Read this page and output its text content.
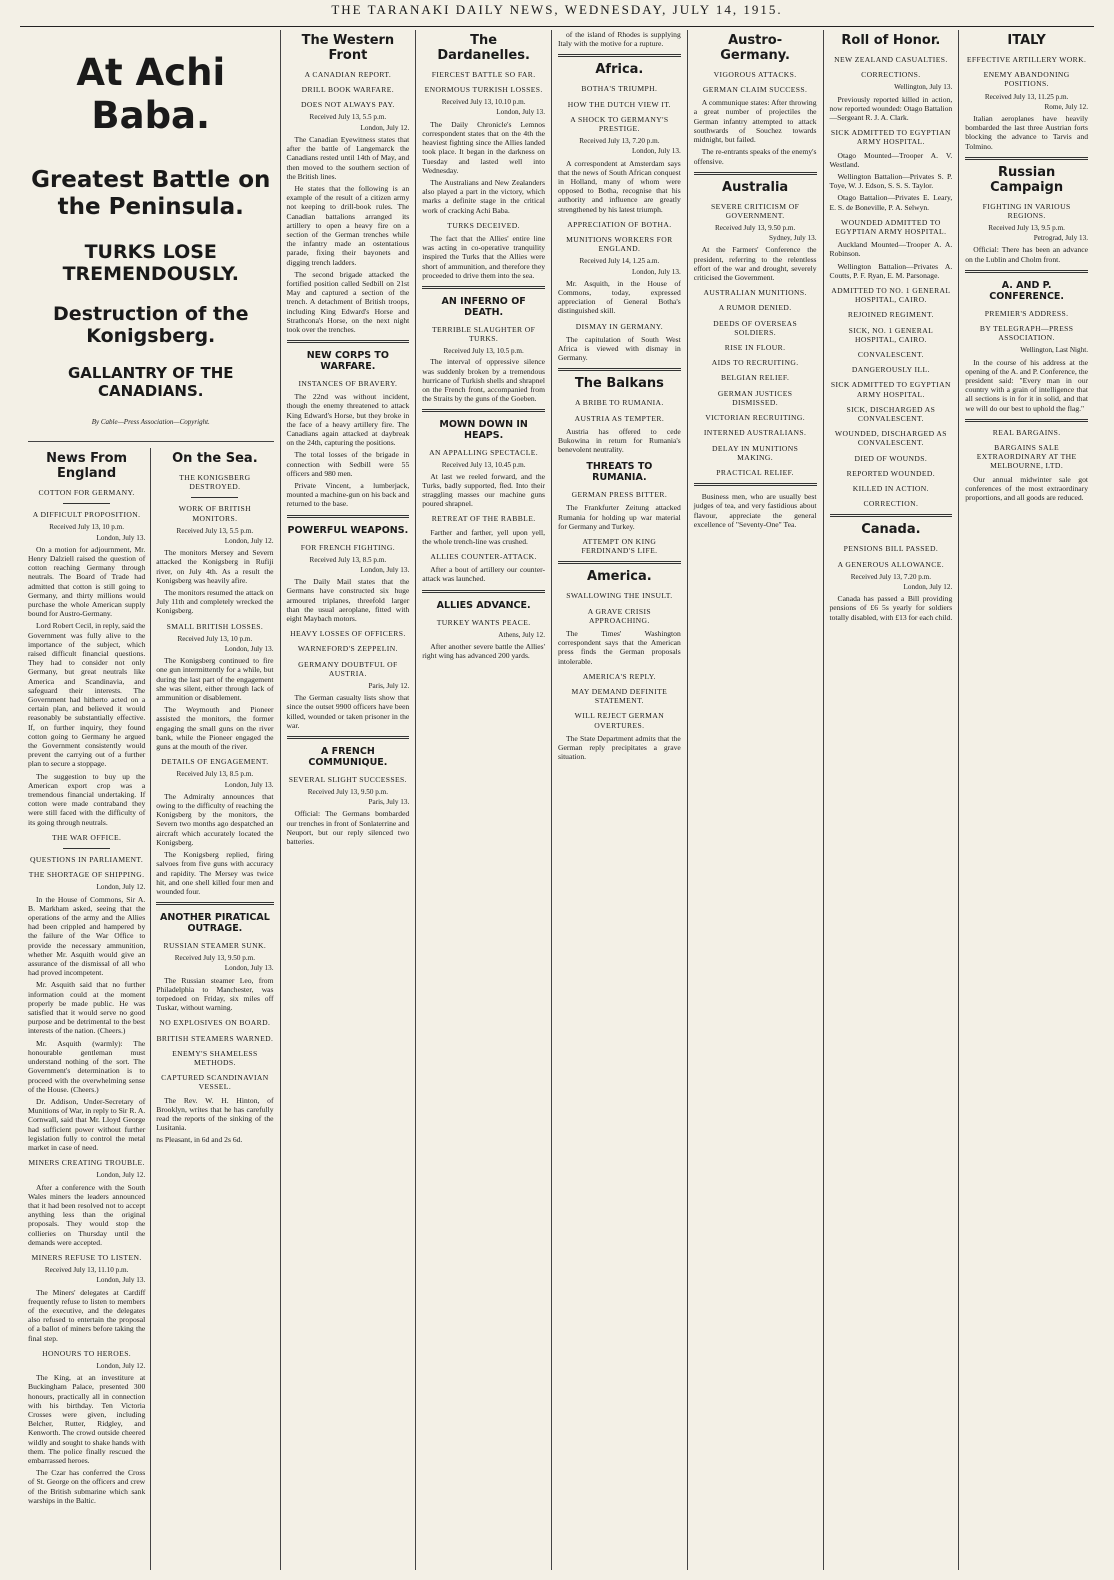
THE TARANAKI DAILY NEWS, WEDNESDAY, JULY 14, 1915.
At Achi Baba.
Greatest Battle on the Peninsula.
TURKS LOSE TREMENDOUSLY.
Destruction of the Konigsberg.
GALLANTRY OF THE CANADIANS.
By Cable—Press Association—Copyright.
News From England
COTTON FOR GERMANY.
A DIFFICULT PROPOSITION.

Received July 13, 10 p.m.

London, July 13.

On a motion for adjournment, Mr. Henry Dalziell raised the question of cotton reaching Germany through neutrals. The Board of Trade had admitted that cotton is still going to Germany, and thirty millions would purchase the whole American supply bound for Austro-Germany.

Lord Robert Cecil, in reply, said the Government was fully alive to the importance of the subject, which raised difficult financial questions. They had to consider not only Germany, but great neutrals like America and Scandinavia, and safeguard their interests. The Government had hitherto acted on a certain plan, and believed it would reasonably be substantially effective. If, on further inquiry, they found cotton going to Germany he argued the Government consistently would prevent the carrying out of a further plan to secure a stoppage.

The suggestion to buy up the American export crop was a tremendous financial undertaking. If cotton were made contraband they were still faced with the difficulty of its going through neutrals.

THE WAR OFFICE.
QUESTIONS IN PARLIAMENT.
THE SHORTAGE OF SHIPPING.

London, July 12.

In the House of Commons, Sir A. B. Markham asked, seeing that the operations of the army and the Allies had been crippled and hampered by the failure of the War Office to provide the necessary ammunition, whether Mr. Asquith would give an assurance of the dismissal of all who had proved incompetent.

Mr. Asquith said that no further information could at the moment properly be made public. He was satisfied that it would serve no good purpose and be detrimental to the best interests of the nation. (Cheers.)

Mr. Asquith (warmly): The honourable gentleman must understand nothing of the sort. The Government's determination is to proceed with the overwhelming sense of the House. (Cheers.)

Dr. Addison, Under-Secretary of Munitions of War, in reply to Sir R. A. Cornwall, said that Mr. Lloyd George had sufficient power without further legislation fully to control the metal market in case of need.

MINERS CREATING TROUBLE.

London, July 12.

After a conference with the South Wales miners the leaders announced that it had been resolved not to accept anything less than the original proposals. They would stop the collieries on Thursday until the demands were accepted.

MINERS REFUSE TO LISTEN.

Received July 13, 11.10 p.m.

London, July 13.

The Miners' delegates at Cardiff frequently refuse to listen to members of the executive, and the delegates also refused to entertain the proposal of a ballot of miners before taking the final step.

HONOURS TO HEROES.

London, July 12.

The King, at an investiture at Buckingham Palace, presented 300 honours, practically all in connection with his birthday. Ten Victoria Crosses were given, including Belcher, Rutter, Ridgley, and Kenworth. The crowd outside cheered wildly and sought to shake hands with them. The police finally rescued the embarrassed heroes.

The Czar has conferred the Cross of St. George on the officers and crew of the British submarine which sank warships in the Baltic.

On the Sea.
THE KONIGSBERG DESTROYED.
WORK OF BRITISH MONITORS.

Received July 13, 5.5 p.m.

London, July 12.

The monitors Mersey and Severn attacked the Konigsberg in Rufiji river, on July 4th. As a result the Konigsberg was heavily afire.

The monitors resumed the attack on July 11th and completely wrecked the Konigsberg.

SMALL BRITISH LOSSES.

Received July 13, 10 p.m.

London, July 13.

The Konigsberg continued to fire one gun intermittently for a while, but during the last part of the engagement she was silent, either through lack of ammunition or disablement.

The Weymouth and Pioneer assisted the monitors, the former engaging the small guns on the river bank, while the Pioneer engaged the guns at the mouth of the river.

DETAILS OF ENGAGEMENT.

Received July 13, 8.5 p.m.

London, July 13.

The Admiralty announces that owing to the difficulty of reaching the Konigsberg by the monitors, the Severn two months ago despatched an aircraft which accurately located the Konigsberg.

The Konigsberg replied, firing salvoes from five guns with accuracy and rapidity. The Mersey was twice hit, and one shell killed four men and wounded four.

ANOTHER PIRATICAL OUTRAGE.
RUSSIAN STEAMER SUNK.

Received July 13, 9.50 p.m.

London, July 13.

The Russian steamer Leo, from Philadelphia to Manchester, was torpedoed on Friday, six miles off Tuskar, without warning.

NO EXPLOSIVES ON BOARD.
BRITISH STEAMERS WARNED.
ENEMY'S SHAMELESS METHODS.
CAPTURED SCANDINAVIAN VESSEL.

The Rev. W. H. Hinton, of Brooklyn, writes that he has carefully read the reports of the sinking of the Lusitania.

ns Pleasant, in 6d and 2s 6d.

The Western Front
A CANADIAN REPORT.
DRILL BOOK WARFARE.
DOES NOT ALWAYS PAY.

Received July 13, 5.5 p.m.

London, July 12.

The Canadian Eyewitness states that after the battle of Langemarck the Canadians rested until 14th of May, and then moved to the southern section of the British lines.

He states that the following is an example of the result of a citizen army not keeping to drill-book rules. The Canadian battalions arranged its artillery to open a heavy fire on a section of the German trenches while the infantry made an ostentatious parade, fixing their bayonets and digging trench ladders.

The second brigade attacked the fortified position called Sedbill on 21st May and captured a section of the trench. A detachment of British troops, including King Edward's Horse and Strathcona's Horse, on the next night took over the trenches.

NEW CORPS TO WARFARE.
INSTANCES OF BRAVERY.

The 22nd was without incident, though the enemy threatened to attack King Edward's Horse, but they broke in the face of a heavy artillery fire. The Canadians again attacked at daybreak on the 24th, capturing the positions.

The total losses of the brigade in connection with Sedbill were 55 officers and 980 men.

Private Vincent, a lumberjack, mounted a machine-gun on his back and returned to the base.

POWERFUL WEAPONS.
FOR FRENCH FIGHTING.

Received July 13, 8.5 p.m.

London, July 13.

The Daily Mail states that the Germans have constructed six huge armoured triplanes, threefold larger than the usual aeroplane, fitted with eight Maybach motors.

HEAVY LOSSES OF OFFICERS.
WARNEFORD'S ZEPPELIN.
GERMANY DOUBTFUL OF AUSTRIA.

Paris, July 12.

The German casualty lists show that since the outset 9900 officers have been killed, wounded or taken prisoner in the war.

A FRENCH COMMUNIQUE.
SEVERAL SLIGHT SUCCESSES.

Received July 13, 9.50 p.m.

Paris, July 13.

Official: The Germans bombarded our trenches in front of Sonlaterrine and Neuport, but our reply silenced two batteries.

The Dardanelles.
FIERCEST BATTLE SO FAR.
ENORMOUS TURKISH LOSSES.

Received July 13, 10.10 p.m.

London, July 13.

The Daily Chronicle's Lemnos correspondent states that on the 4th the heaviest fighting since the Allies landed took place. It began in the darkness on Tuesday and lasted well into Wednesday.

The Australians and New Zealanders also played a part in the victory, which marks a definite stage in the critical work of cracking Achi Baba.

TURKS DECEIVED.

The fact that the Allies' entire line was acting in co-operative tranquility inspired the Turks that the Allies were short of ammunition, and therefore they proceeded to drive them into the sea.

AN INFERNO OF DEATH.
TERRIBLE SLAUGHTER OF TURKS.

Received July 13, 10.5 p.m.

The interval of oppressive silence was suddenly broken by a tremendous hurricane of Turkish shells and shrapnel on the French front, accompanied from the Straits by the guns of the Goeben.

MOWN DOWN IN HEAPS.
AN APPALLING SPECTACLE.

Received July 13, 10.45 p.m.

At last we reeled forward, and the Turks, badly supported, fled. Into their straggling masses our machine guns poured shrapnel.

RETREAT OF THE RABBLE.

Farther and farther, yell upon yell, the whole trench-line was crushed.

ALLIES COUNTER-ATTACK.

After a bout of artillery our counter-attack was launched.

ALLIES ADVANCE.
TURKEY WANTS PEACE.

Athens, July 12.

After another severe battle the Allies' right wing has advanced 200 yards.

of the island of Rhodes is supplying Italy with the motive for a rupture.

Africa.
BOTHA'S TRIUMPH.
HOW THE DUTCH VIEW IT.
A SHOCK TO GERMANY'S PRESTIGE.

Received July 13, 7.20 p.m.

London, July 13.

A correspondent at Amsterdam says that the news of South African conquest in Holland, many of whom were opposed to Botha, recognise that his authority and influence are greatly strengthened by his latest triumph.

APPRECIATION OF BOTHA.
MUNITIONS WORKERS FOR ENGLAND.

Received July 14, 1.25 a.m.

London, July 13.

Mr. Asquith, in the House of Commons, today, expressed appreciation of General Botha's distinguished skill.

DISMAY IN GERMANY.

The capitulation of South West Africa is viewed with dismay in Germany.

The Balkans
A BRIBE TO RUMANIA.
AUSTRIA AS TEMPTER.

Austria has offered to cede Bukowina in return for Rumania's benevolent neutrality.

THREATS TO RUMANIA.
GERMAN PRESS BITTER.

The Frankfurter Zeitung attacked Rumania for holding up war material for Germany and Turkey.

ATTEMPT ON KING FERDINAND'S LIFE.
America.
SWALLOWING THE INSULT.
A GRAVE CRISIS APPROACHING.

The Times' Washington correspondent says that the American press finds the German proposals intolerable.

AMERICA'S REPLY.
MAY DEMAND DEFINITE STATEMENT.
WILL REJECT GERMAN OVERTURES.

The State Department admits that the German reply precipitates a grave situation.

Austro-Germany.
VIGOROUS ATTACKS.
GERMAN CLAIM SUCCESS.

A communique states: After throwing a great number of projectiles the German infantry attempted to attack southwards of Souchez towards midnight, but failed.

The re-entrants speaks of the enemy's offensive.

Australia
SEVERE CRITICISM OF GOVERNMENT.

Received July 13, 9.50 p.m.

Sydney, July 13.

At the Farmers' Conference the president, referring to the relentless effort of the war and drought, severely criticised the Government.

AUSTRALIAN MUNITIONS.
A RUMOR DENIED.
DEEDS OF OVERSEAS SOLDIERS.
RISE IN FLOUR.
AIDS TO RECRUITING.
BELGIAN RELIEF.
GERMAN JUSTICES DISMISSED.
VICTORIAN RECRUITING.
INTERNED AUSTRALIANS.
DELAY IN MUNITIONS MAKING.
PRACTICAL RELIEF.

Business men, who are usually best judges of tea, and very fastidious about flavour, appreciate the general excellence of "Seventy-One" Tea.

Roll of Honor.
NEW ZEALAND CASUALTIES.
CORRECTIONS.

Wellington, July 13.

Previously reported killed in action, now reported wounded: Otago Battalion—Sergeant R. J. A. Clark.

SICK ADMITTED TO EGYPTIAN ARMY HOSPITAL.

Otago Mounted—Trooper A. V. Westland.

Wellington Battalion—Privates S. P. Toye, W. J. Edson, S. S. S. Taylor.

Otago Battalion—Privates E. Leary, E. S. de Boneville, P. A. Selwyn.

WOUNDED ADMITTED TO EGYPTIAN ARMY HOSPITAL.

Auckland Mounted—Trooper A. A. Robinson.

Wellington Battalion—Privates A. Coutts, P. F. Ryan, E. M. Parsonage.

ADMITTED TO NO. 1 GENERAL HOSPITAL, CAIRO.
REJOINED REGIMENT.
SICK, NO. 1 GENERAL HOSPITAL, CAIRO.
CONVALESCENT.
DANGEROUSLY ILL.
SICK ADMITTED TO EGYPTIAN ARMY HOSPITAL.
SICK, DISCHARGED AS CONVALESCENT.
WOUNDED, DISCHARGED AS CONVALESCENT.
DIED OF WOUNDS.
REPORTED WOUNDED.
KILLED IN ACTION.
CORRECTION.
Canada.
PENSIONS BILL PASSED.
A GENEROUS ALLOWANCE.

Received July 13, 7.20 p.m.

London, July 12.

Canada has passed a Bill providing pensions of £6 5s yearly for soldiers totally disabled, with £13 for each child.

ITALY
EFFECTIVE ARTILLERY WORK.
ENEMY ABANDONING POSITIONS.

Received July 13, 11.25 p.m.

Rome, July 12.

Italian aeroplanes have heavily bombarded the last three Austrian forts blocking the advance to Tarvis and Tolmino.

Russian Campaign
FIGHTING IN VARIOUS REGIONS.

Received July 13, 9.5 p.m.

Petrograd, July 13.

Official: There has been an advance on the Lublin and Cholm front.

A. AND P. CONFERENCE.
PREMIER'S ADDRESS.
BY TELEGRAPH—PRESS ASSOCIATION.

Wellington, Last Night.

In the course of his address at the opening of the A. and P. Conference, the president said: "Every man in our country with a grain of intelligence that all sections is in for it in solid, and that we will do our best to uphold the flag."

REAL BARGAINS.
BARGAINS SALE EXTRAORDINARY AT THE MELBOURNE, LTD.

Our annual midwinter sale got conferences of the most extraordinary proportions, and all goods are reduced.
